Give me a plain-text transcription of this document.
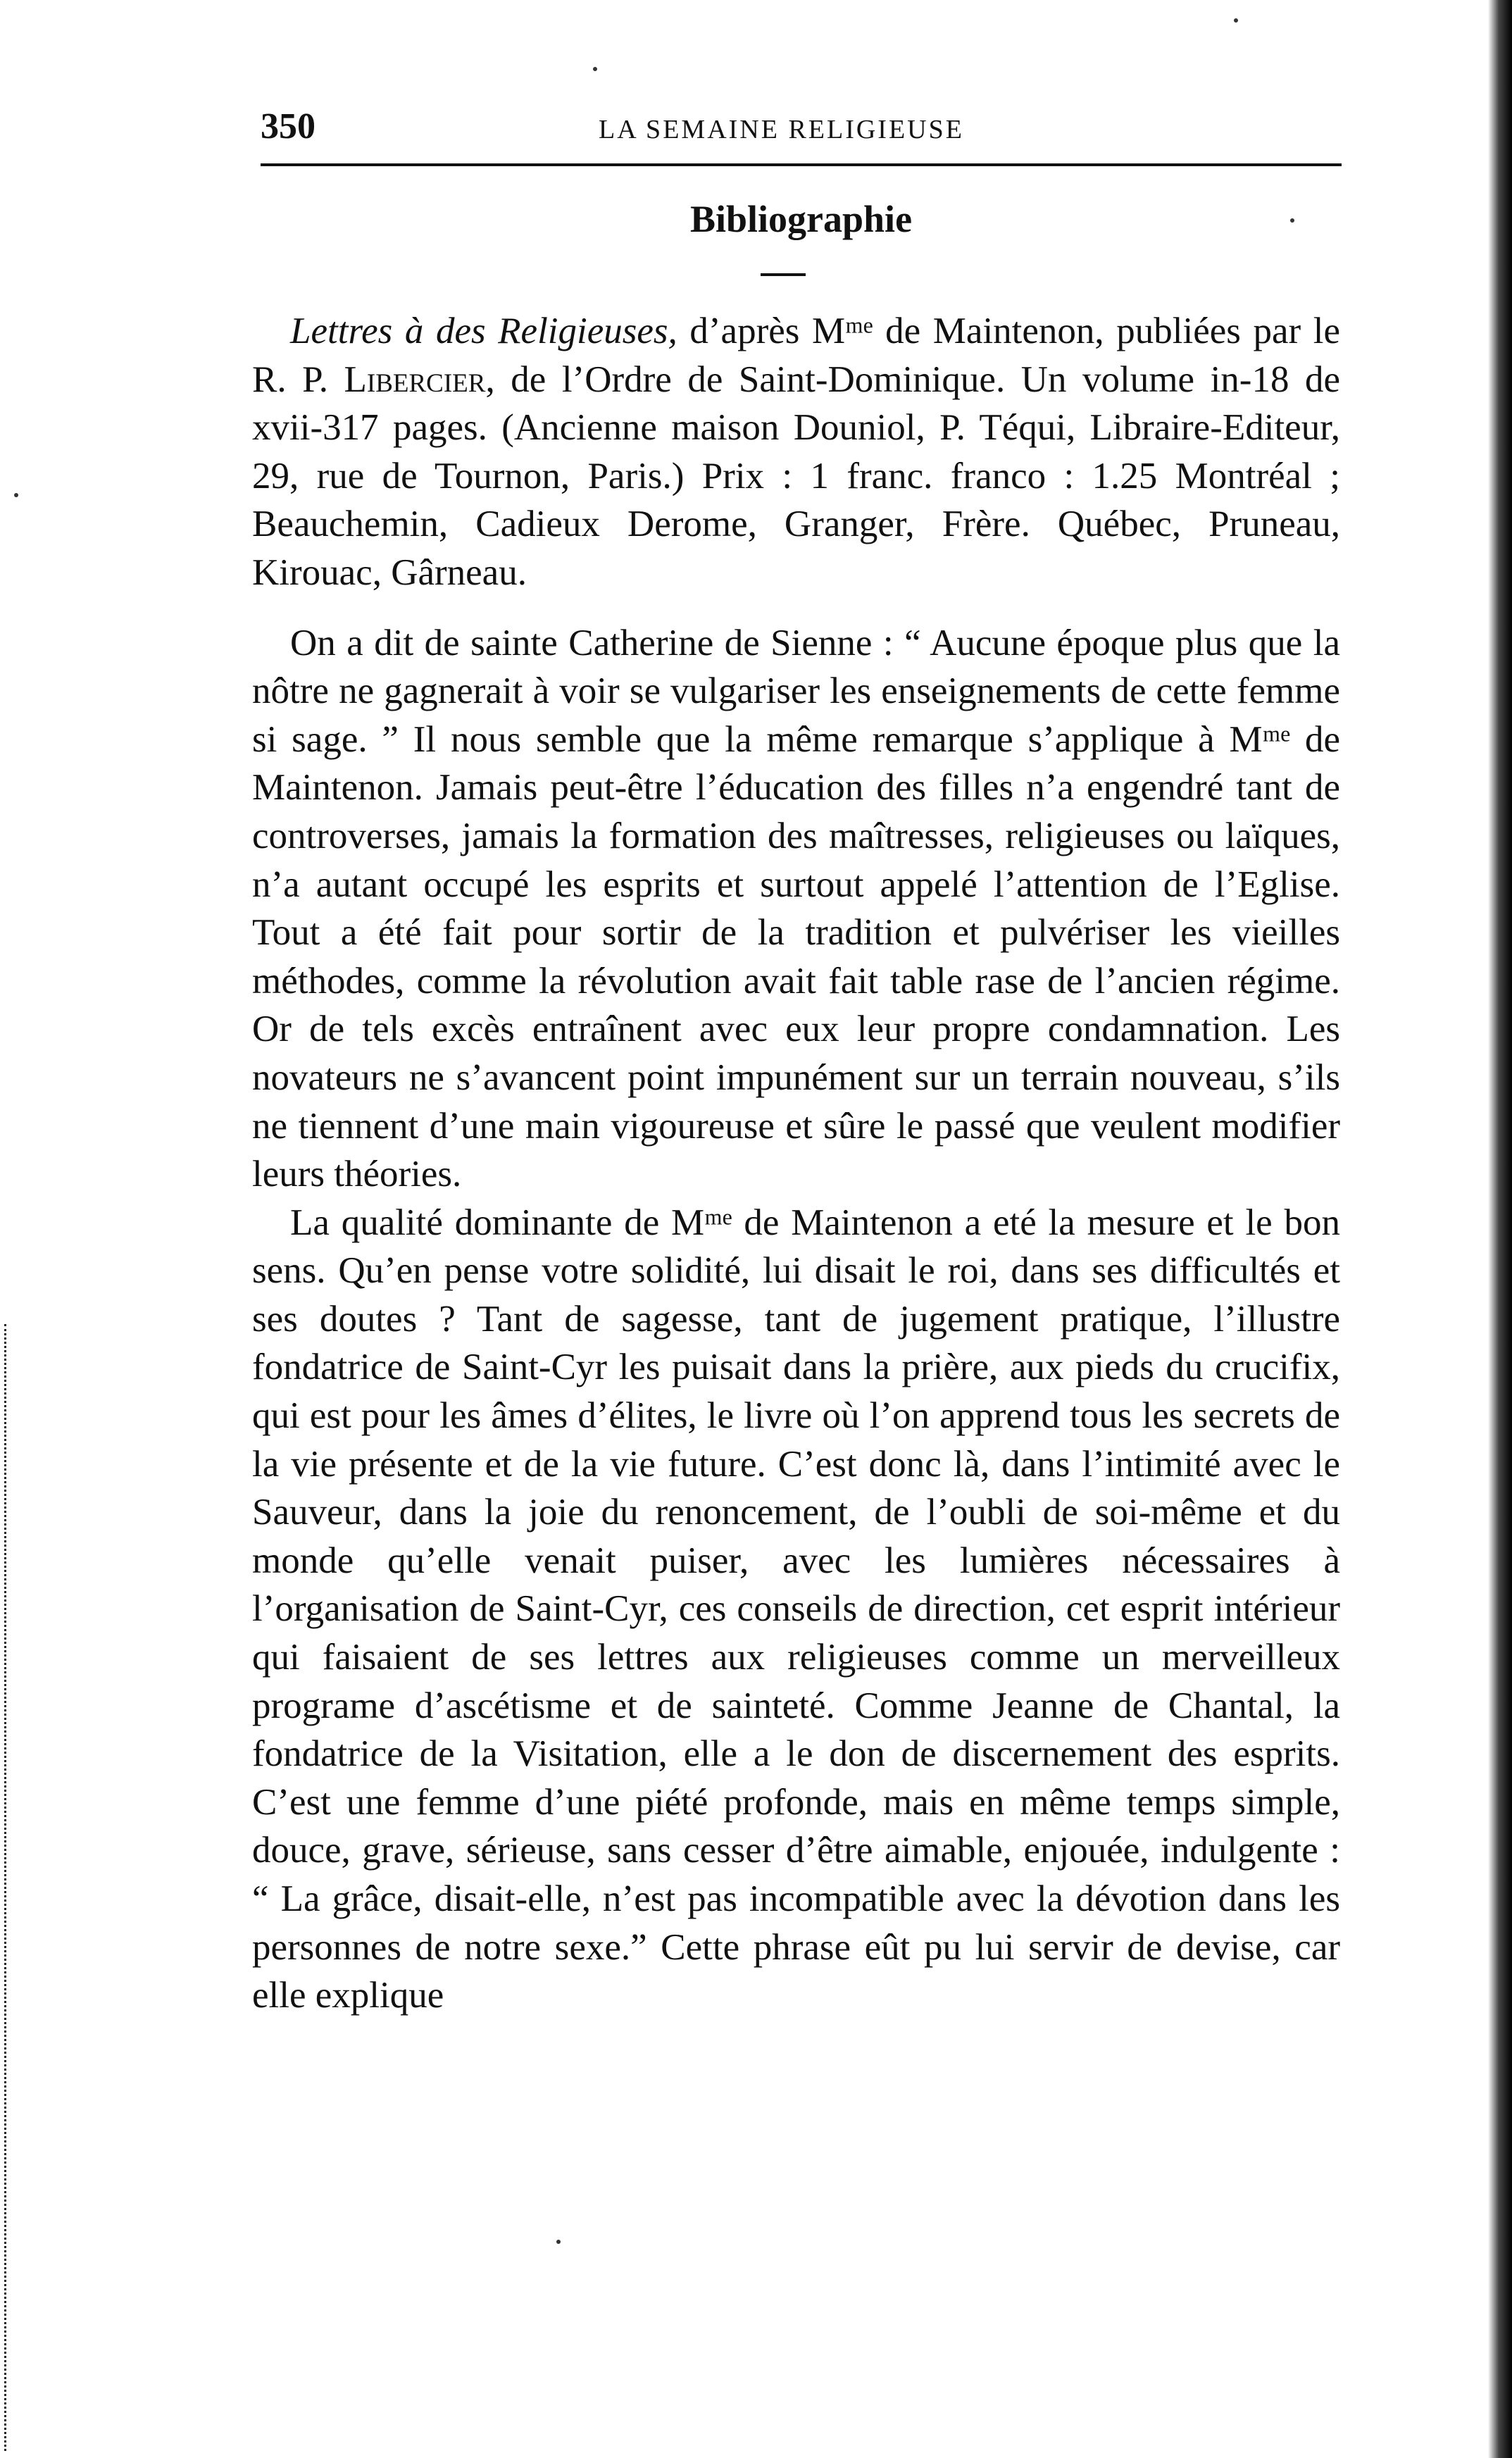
350	LA SEMAINE RELIGIEUSE
Bibliographie

Lettres à des Religieuses, d’après Mᵐᵉ de Maintenon, publiées par le R. P. Libercier, de l’Ordre de Saint-Dominique. Un volume in-18 de xvii-317 pages. (Ancienne maison Douniol, P. Téqui, Libraire-Editeur, 29, rue de Tournon, Paris.) Prix : 1 franc. franco : 1.25 Montréal ; Beauchemin, Cadieux Derome, Granger, Frère. Québec, Pruneau, Kirouac, Gârneau.

On a dit de sainte Catherine de Sienne : “ Aucune époque plus que la nôtre ne gagnerait à voir se vulgariser les enseignements de cette femme si sage. ” Il nous semble que la même remarque s’applique à Mᵐᵉ de Maintenon. Jamais peut-être l’éducation des filles n’a engendré tant de controverses, jamais la formation des maîtresses, religieuses ou laïques, n’a autant occupé les esprits et surtout appelé l’attention de l’Eglise. Tout a été fait pour sortir de la tradition et pulvériser les vieilles méthodes, comme la révolution avait fait table rase de l’ancien régime. Or de tels excès entraînent avec eux leur propre condamnation. Les novateurs ne s’avancent point impunément sur un terrain nouveau, s’ils ne tiennent d’une main vigoureuse et sûre le passé que veulent modifier leurs théories.

La qualité dominante de Mᵐᵉ de Maintenon a eté la mesure et le bon sens. Qu’en pense votre solidité, lui disait le roi, dans ses difficultés et ses doutes ? Tant de sagesse, tant de jugement pratique, l’illustre fondatrice de Saint-Cyr les puisait dans la prière, aux pieds du crucifix, qui est pour les âmes d’élites, le livre où l’on apprend tous les secrets de la vie présente et de la vie future. C’est donc là, dans l’intimité avec le Sauveur, dans la joie du renoncement, de l’oubli de soi-même et du monde qu’elle venait puiser, avec les lumières nécessaires à l’organisation de Saint-Cyr, ces conseils de direction, cet esprit intérieur qui faisaient de ses lettres aux religieuses comme un merveilleux programe d’ascétisme et de sainteté. Comme Jeanne de Chantal, la fondatrice de la Visitation, elle a le don de discernement des esprits. C’est une femme d’une piété profonde, mais en même temps simple, douce, grave, sérieuse, sans cesser d’être aimable, enjouée, indulgente : “ La grâce, disait-elle, n’est pas incompatible avec la dévotion dans les personnes de notre sexe.” Cette phrase eût pu lui servir de devise, car elle explique
